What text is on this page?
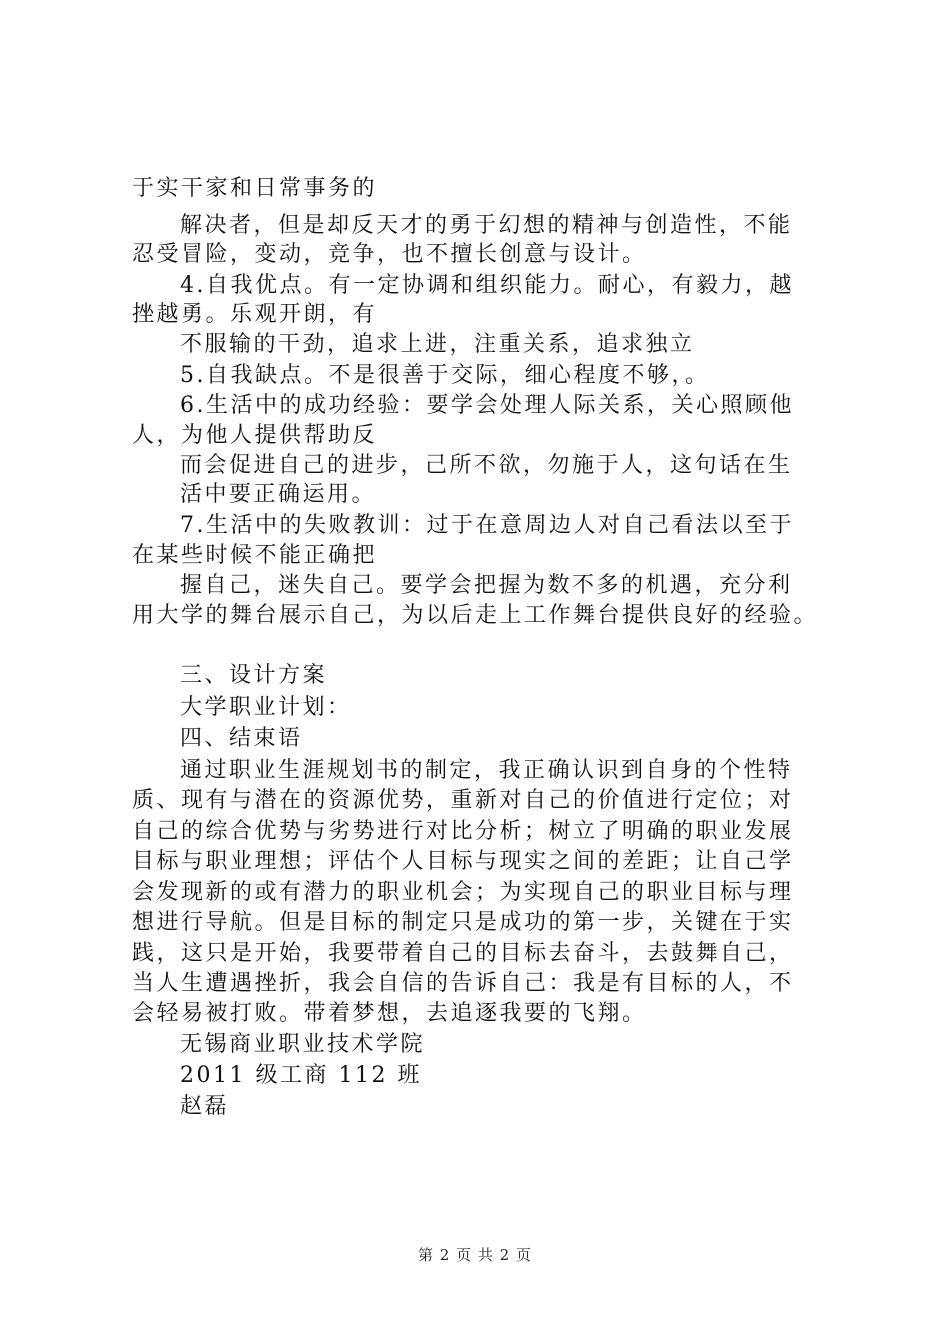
于实干家和日常事务的
解决者，但是却反天才的勇于幻想的精神与创造性，不能
忍受冒险，变动，竞争，也不擅长创意与设计。
4.自我优点。有一定协调和组织能力。耐心，有毅力，越
挫越勇。乐观开朗，有
不服输的干劲，追求上进，注重关系，追求独立
5.自我缺点。不是很善于交际，细心程度不够，。
6.生活中的成功经验：要学会处理人际关系，关心照顾他
人，为他人提供帮助反
而会促进自己的进步，己所不欲，勿施于人，这句话在生
活中要正确运用。
7.生活中的失败教训：过于在意周边人对自己看法以至于
在某些时候不能正确把
握自己，迷失自己。要学会把握为数不多的机遇，充分利
用大学的舞台展示自己，为以后走上工作舞台提供良好的经验。
三、设计方案
大学职业计划：
四、结束语
通过职业生涯规划书的制定，我正确认识到自身的个性特
质、现有与潜在的资源优势，重新对自己的价值进行定位；对
自己的综合优势与劣势进行对比分析；树立了明确的职业发展
目标与职业理想；评估个人目标与现实之间的差距；让自己学
会发现新的或有潜力的职业机会；为实现自己的职业目标与理
想进行导航。但是目标的制定只是成功的第一步，关键在于实
践，这只是开始，我要带着自己的目标去奋斗，去鼓舞自己，
当人生遭遇挫折，我会自信的告诉自己：我是有目标的人，不
会轻易被打败。带着梦想，去追逐我要的飞翔。
无锡商业职业技术学院
2011 级工商 112 班
赵磊
第 2 页 共 2 页
